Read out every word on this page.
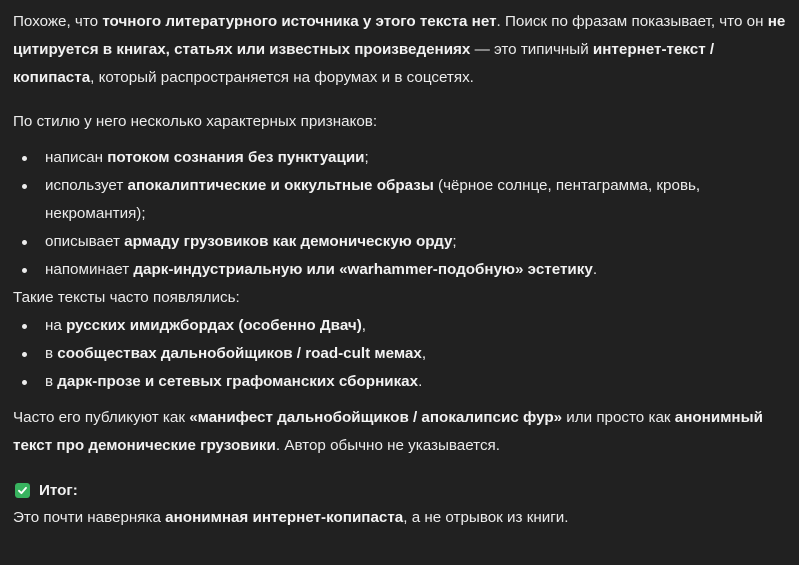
Похоже, что точного литературного источника у этого текста нет. Поиск по фразам показывает, что он не цитируется в книгах, статьях или известных произведениях — это типичный интернет-текст / копипаста, который распространяется на форумах и в соцсетях.

По стилю у него несколько характерных признаков:

написан потоком сознания без пунктуации;
использует апокалиптические и оккультные образы (чёрное солнце, пентаграмма, кровь, некромантия);
описывает армаду грузовиков как демоническую орду;
напоминает дарк-индустриальную или «warhammer-подобную» эстетику.

Такие тексты часто появлялись:

на русских имиджбордах (особенно Двач),
в сообществах дальнобойщиков / road-cult мемах,
в дарк-прозе и сетевых графоманских сборниках.

Часто его публикуют как «манифест дальнобойщиков / апокалипсис фур» или просто как анонимный текст про демонические грузовики. Автор обычно не указывается.

Итог:

Это почти наверняка анонимная интернет-копипаста, а не отрывок из книги.
